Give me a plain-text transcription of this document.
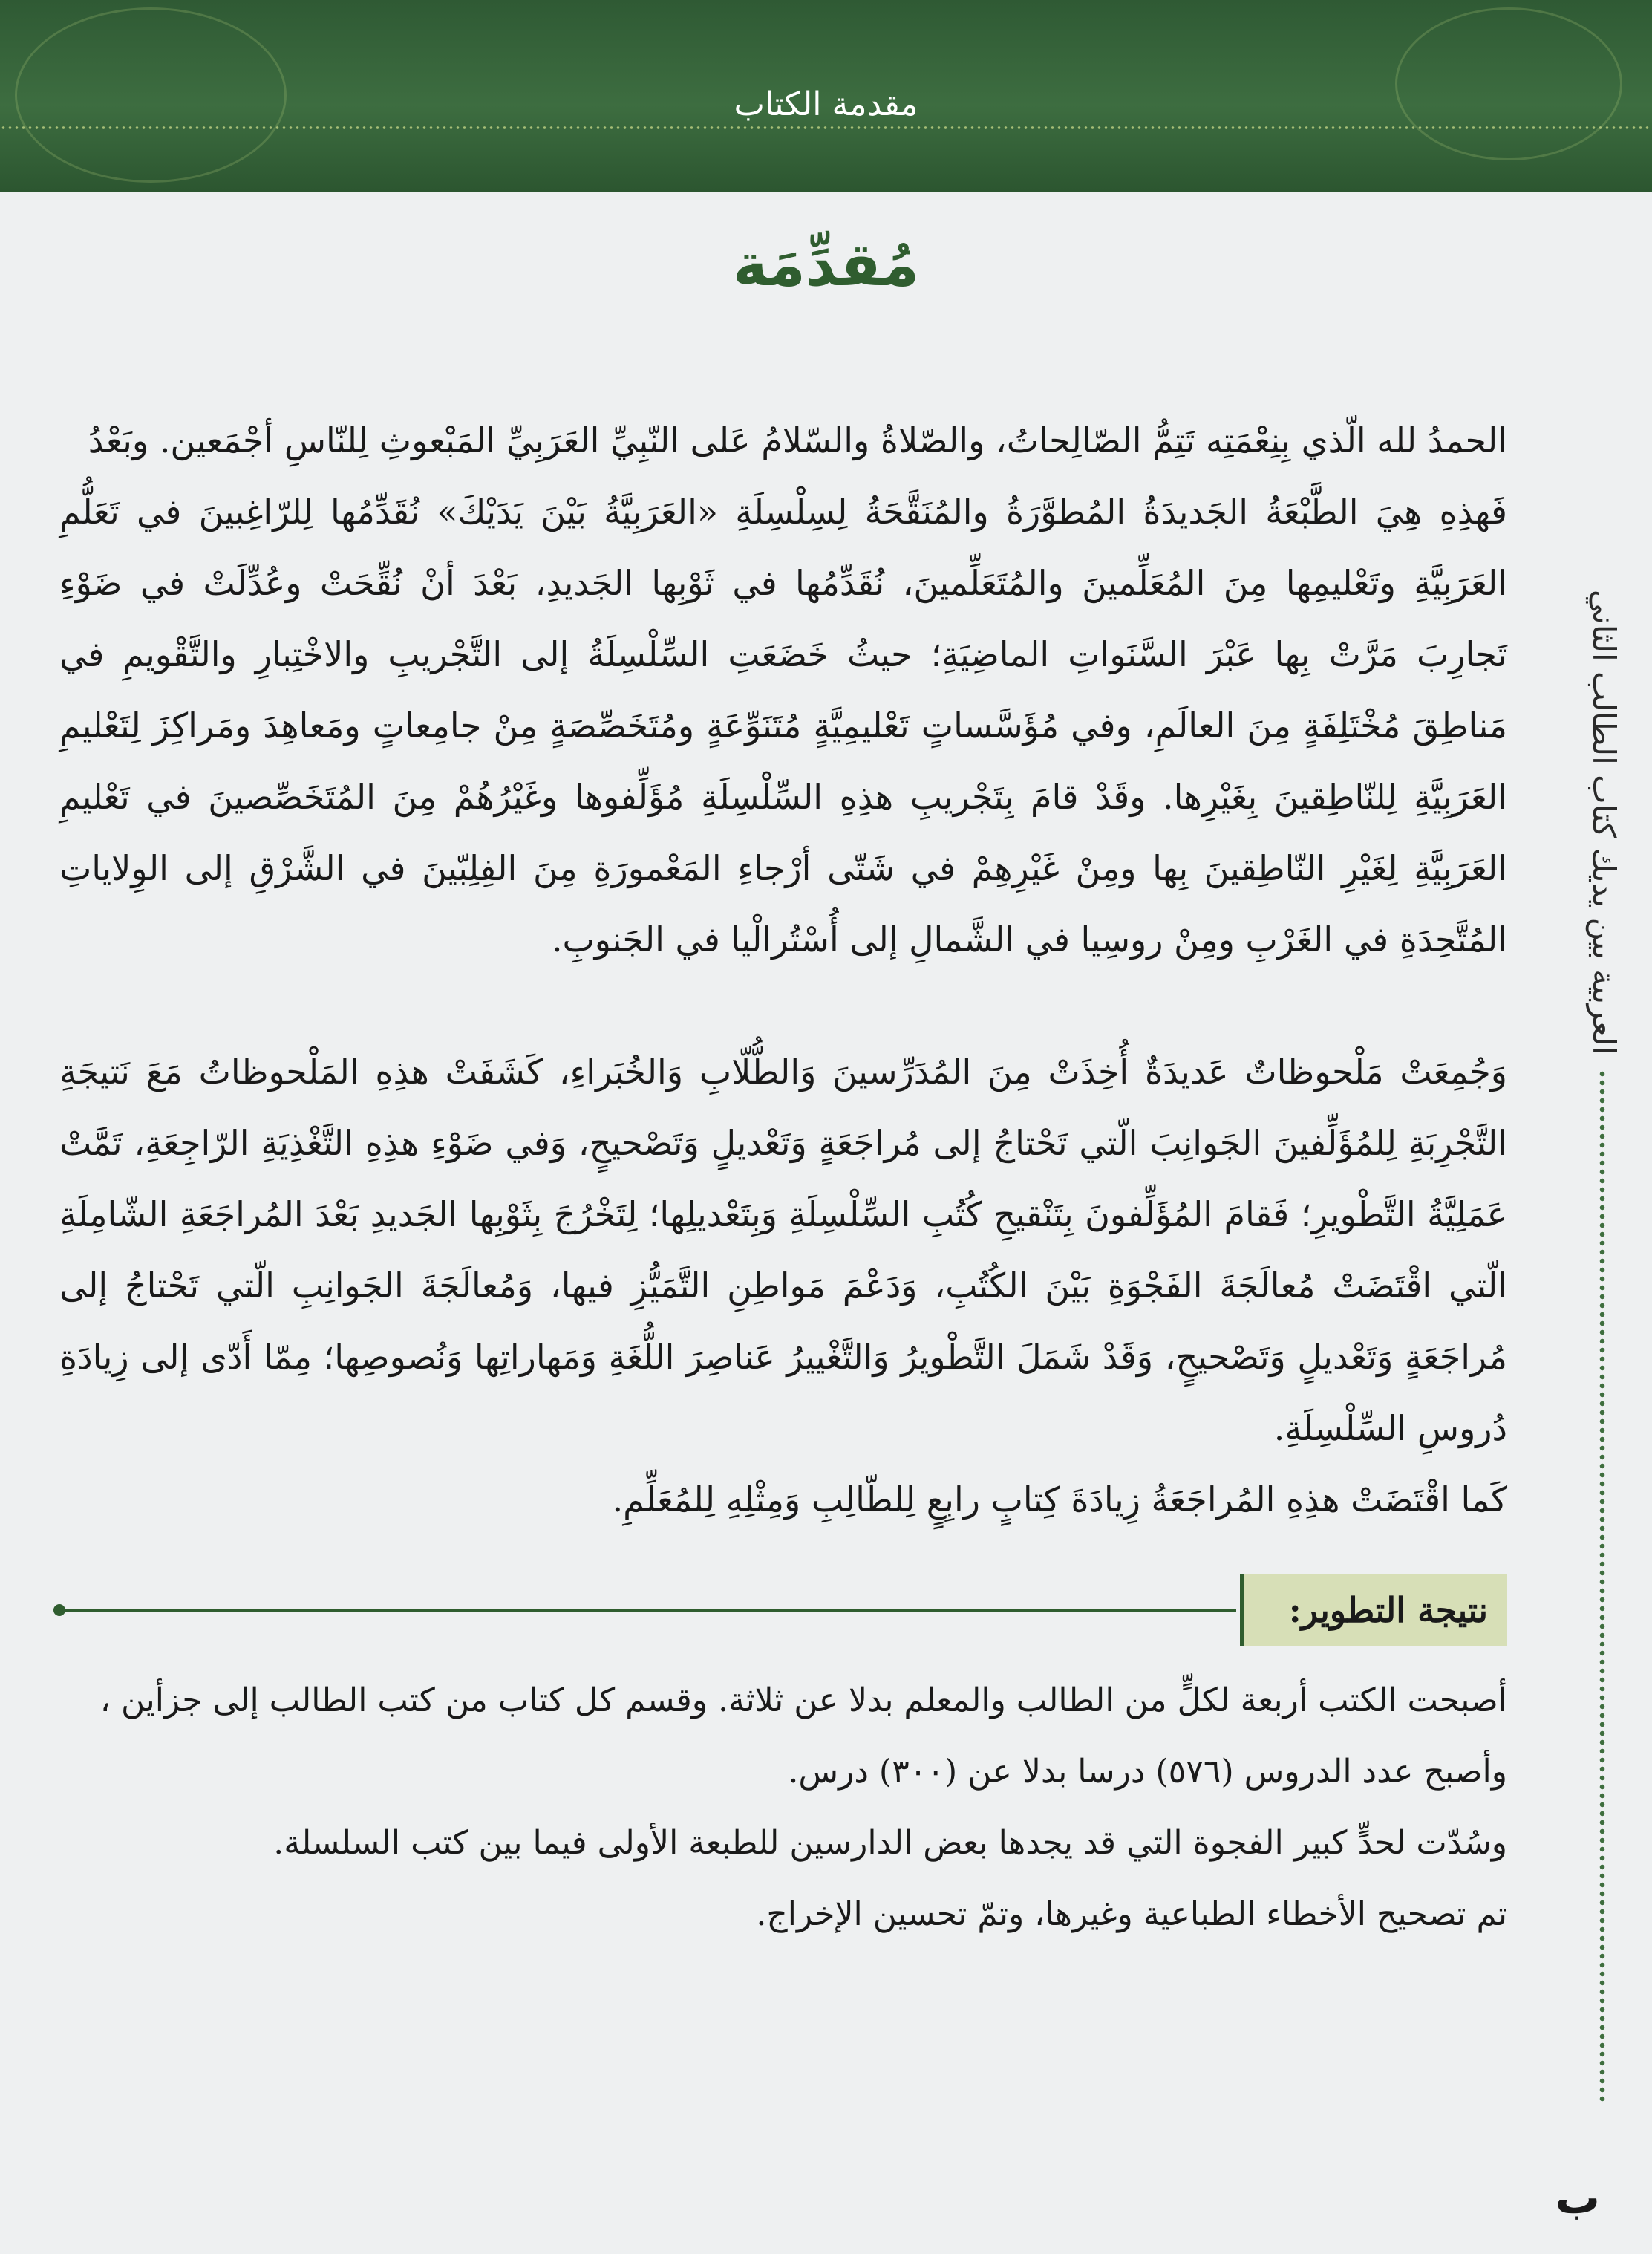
مقدمة الكتاب
مُقدِّمَة
العربية بين يديك كتاب الطالب الثاني

الحمدُ لله الّذي بِنِعْمَتِه تَتِمُّ الصّالِحاتُ، والصّلاةُ والسّلامُ عَلى النّبِيِّ العَرَبِيِّ المَبْعوثِ لِلنّاسِ أجْمَعين. وبَعْدُ

فَهذِهِ هِيَ الطَّبْعَةُ الجَديدَةُ المُطوَّرَةُ والمُنَقَّحَةُ لِسِلْسِلَةِ «العَرَبِيَّةُ بَيْنَ يَدَيْكَ» نُقَدِّمُها لِلرّاغِبينَ في تَعَلُّمِ العَرَبِيَّةِ وتَعْليمِها مِنَ المُعَلِّمينَ والمُتَعَلِّمينَ، نُقَدِّمُها في ثَوْبِها الجَديدِ، بَعْدَ أنْ نُقِّحَتْ وعُدِّلَتْ في ضَوْءِ تَجارِبَ مَرَّتْ بِها عَبْرَ السَّنَواتِ الماضِيَةِ؛ حيثُ خَضَعَتِ السِّلْسِلَةُ إلى التَّجْريبِ والاخْتِبارِ والتَّقْويمِ في مَناطِقَ مُخْتَلِفَةٍ مِنَ العالَمِ، وفي مُؤَسَّساتٍ تَعْليمِيَّةٍ مُتَنَوِّعَةٍ ومُتَخَصِّصَةٍ مِنْ جامِعاتٍ ومَعاهِدَ ومَراكِزَ لِتَعْليمِ العَرَبِيَّةِ لِلنّاطِقينَ بِغَيْرِها. وقَدْ قامَ بِتَجْريبِ هذِهِ السِّلْسِلَةِ مُؤَلِّفوها وغَيْرُهُمْ مِنَ المُتَخَصِّصينَ في تَعْليمِ العَرَبِيَّةِ لِغَيْرِ النّاطِقينَ بِها ومِنْ غَيْرِهِمْ في شَتّى أرْجاءِ المَعْمورَةِ مِنَ الفِلِبّينَ في الشَّرْقِ إلى الوِلاياتِ المُتَّحِدَةِ في الغَرْبِ ومِنْ روسِيا في الشَّمالِ إلى أُسْتُرالْيا في الجَنوبِ.

وَجُمِعَتْ مَلْحوظاتٌ عَديدَةٌ أُخِذَتْ مِنَ المُدَرِّسينَ وَالطُّلّابِ وَالخُبَراءِ، كَشَفَتْ هذِهِ المَلْحوظاتُ مَعَ نَتيجَةِ التَّجْرِبَةِ لِلمُؤَلِّفينَ الجَوانِبَ الّتي تَحْتاجُ إلى مُراجَعَةٍ وَتَعْديلٍ وَتَصْحيحٍ، وَفي ضَوْءِ هذِهِ التَّغْذِيَةِ الرّاجِعَةِ، تَمَّتْ عَمَلِيَّةُ التَّطْويرِ؛ فَقامَ المُؤَلِّفونَ بِتَنْقيحِ كُتُبِ السِّلْسِلَةِ وَبِتَعْديلِها؛ لِتَخْرُجَ بِثَوْبِها الجَديدِ بَعْدَ المُراجَعَةِ الشّامِلَةِ الّتي اقْتَضَتْ مُعالَجَةَ الفَجْوَةِ بَيْنَ الكُتُبِ، وَدَعْمَ مَواطِنِ التَّمَيُّزِ فيها، وَمُعالَجَةَ الجَوانِبِ الّتي تَحْتاجُ إلى مُراجَعَةٍ وَتَعْديلٍ وَتَصْحيحٍ، وَقَدْ شَمَلَ التَّطْويرُ وَالتَّغْييرُ عَناصِرَ اللُّغَةِ وَمَهاراتِها وَنُصوصِها؛ مِمّا أَدّى إلى زِيادَةِ دُروسِ السِّلْسِلَةِ.

كَما اقْتَضَتْ هذِهِ المُراجَعَةُ زِيادَةَ كِتابٍ رابِعٍ لِلطّالِبِ وَمِثْلِهِ لِلمُعَلِّمِ.

نتيجة التطوير:
أصبحت الكتب أربعة لكلٍّ من الطالب والمعلم بدلا عن ثلاثة. وقسم كل كتاب من كتب الطالب إلى جزأين ،
وأصبح عدد الدروس (٥٧٦) درسا بدلا عن (٣٠٠) درس.
وسُدّت لحدٍّ كبير الفجوة التي قد يجدها بعض الدارسين للطبعة الأولى فيما بين كتب السلسلة.
تم تصحيح الأخطاء الطباعية وغيرها، وتمّ تحسين الإخراج.
ب
